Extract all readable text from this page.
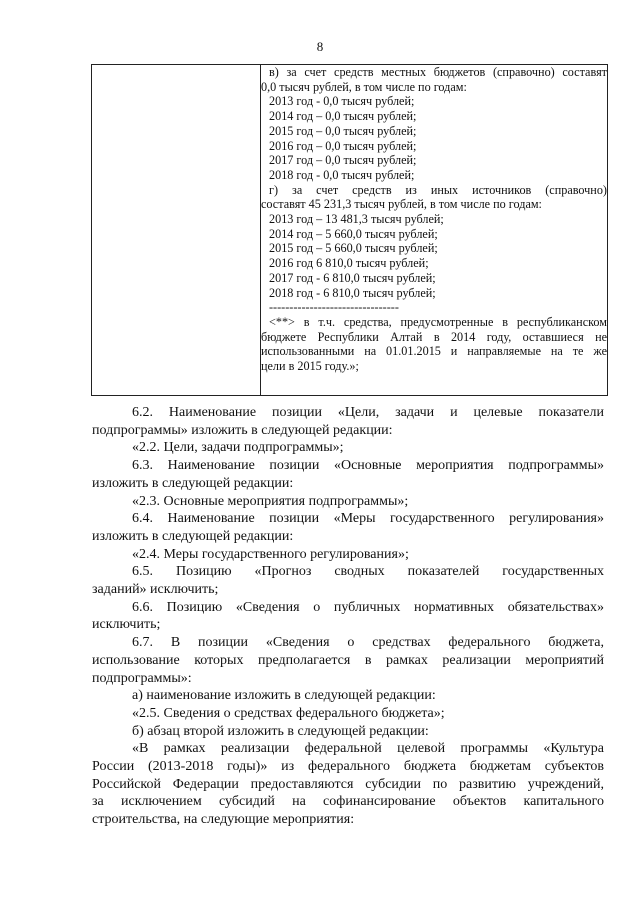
8

в) за счет средств местных бюджетов (справочно) составят
0,0 тысяч рублей, в том числе по годам:
2013 год - 0,0 тысяч рублей;
2014 год – 0,0 тысяч рублей;
2015 год – 0,0 тысяч рублей;
2016 год – 0,0 тысяч рублей;
2017 год – 0,0 тысяч рублей;
2018 год - 0,0 тысяч рублей;
г) за счет средств из иных источников (справочно)
составят 45 231,3 тысяч рублей, в том числе по годам:
2013 год – 13 481,3 тысяч рублей;
2014 год – 5 660,0 тысяч рублей;
2015 год – 5 660,0 тысяч рублей;
2016 год 6 810,0 тысяч рублей;
2017 год - 6 810,0 тысяч рублей;
2018 год - 6 810,0 тысяч рублей;
--------------------------------
<**> в т.ч. средства, предусмотренные в республиканском
бюджете Республики Алтай в 2014 году, оставшиеся не
использованными на 01.01.2015 и направляемые на те же
цели в 2015 году.»;
6.2. Наименование позиции «Цели, задачи и целевые показатели
подпрограммы» изложить в следующей редакции:
«2.2. Цели, задачи подпрограммы»;
6.3. Наименование позиции «Основные мероприятия подпрограммы»
изложить в следующей редакции:
«2.3. Основные мероприятия подпрограммы»;
6.4. Наименование позиции «Меры государственного регулирования»
изложить в следующей редакции:
«2.4. Меры государственного регулирования»;
6.5. Позицию «Прогноз сводных показателей государственных
заданий» исключить;
6.6. Позицию «Сведения о публичных нормативных обязательствах»
исключить;
6.7. В позиции «Сведения о средствах федерального бюджета,
использование которых предполагается в рамках реализации мероприятий
подпрограммы»:
а) наименование изложить в следующей редакции:
«2.5. Сведения о средствах федерального бюджета»;
б) абзац второй изложить в следующей редакции:
«В рамках реализации федеральной целевой программы «Культура
России (2013-2018 годы)» из федерального бюджета бюджетам субъектов
Российской Федерации предоставляются субсидии по развитию учреждений,
за исключением субсидий на софинансирование объектов капитального
строительства, на следующие мероприятия:
